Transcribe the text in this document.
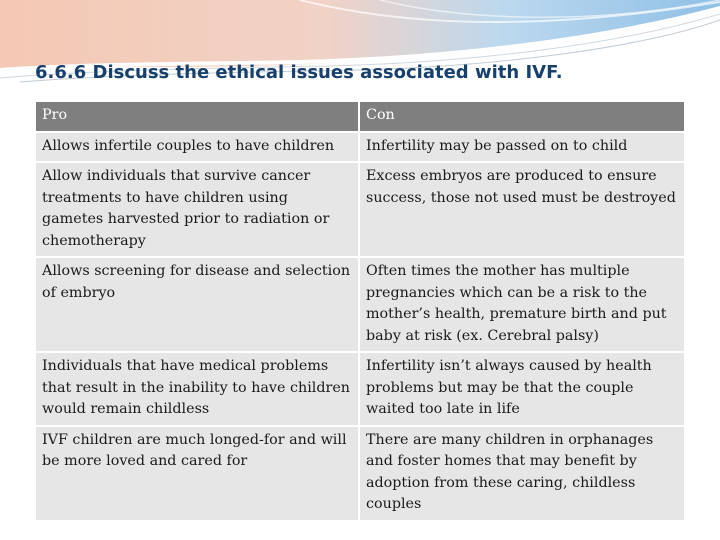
6.6.6 Discuss the ethical issues associated with IVF.
Pro	Con
Allows infertile couples to have children	Infertility may be passed on to child
Allow individuals that survive cancer treatments to have children using gametes harvested prior to radiation or chemotherapy	Excess embryos are produced to ensure success, those not used must be destroyed
Allows screening for disease and selection of embryo	Often times the mother has multiple pregnancies which can be a risk to the mother’s health, premature birth and put baby at risk (ex. Cerebral palsy)
Individuals that have medical problems that result in the inability to have children would remain childless	Infertility isn’t always caused by health problems but may be that the couple waited too late in life
IVF children are much longed-for and will be more loved and cared for	There are many children in orphanages and foster homes that may benefit by adoption from these caring, childless couples
